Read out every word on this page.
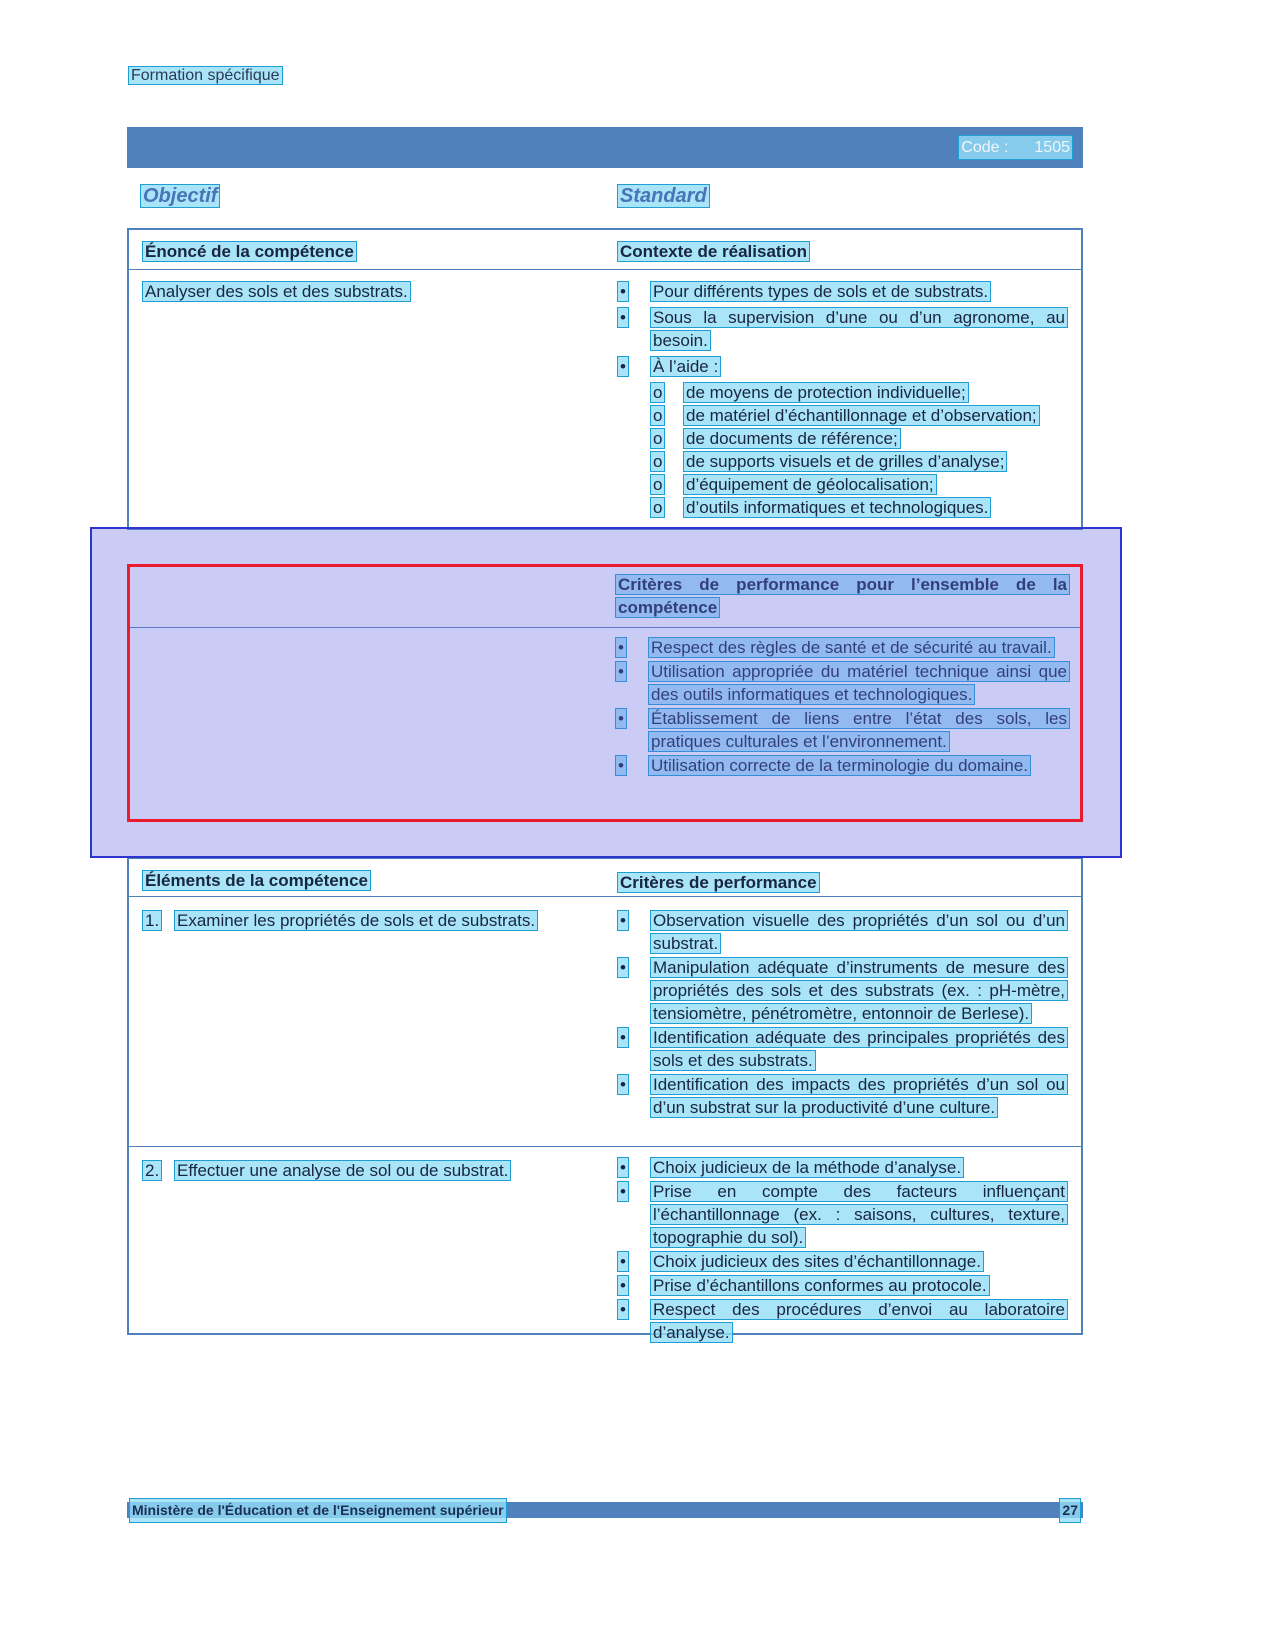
Formation spécifique
Code : 1505
Objectif	Standard
Énoncé de la compétence	Contexte de réalisation
Analyser des sols et des substrats.	•	Pour différents types de sols et de substrats.
•	Sous la supervision d’une ou d’un agronome, au besoin.
•	À l’aide :
o	de moyens de protection individuelle;
o	de matériel d’échantillonnage et d’observation;
o	de documents de référence;
o	de supports visuels et de grilles d’analyse;
o	d’équipement de géolocalisation;
o	d’outils informatiques et technologiques.
Critères de performance pour l’ensemble de la compétence
•	Respect des règles de santé et de sécurité au travail.
•	Utilisation appropriée du matériel technique ainsi que des outils informatiques et technologiques.
•	Établissement de liens entre l’état des sols, les pratiques culturales et l’environnement.
•	Utilisation correcte de la terminologie du domaine.
Éléments de la compétence	Critères de performance
1.	Examiner les propriétés de sols et de substrats.	•	Observation visuelle des propriétés d’un sol ou d’un substrat.
•	Manipulation adéquate d’instruments de mesure des propriétés des sols et des substrats (ex. : pH-mètre, tensiomètre, pénétromètre, entonnoir de Berlese).
•	Identification adéquate des principales propriétés des sols et des substrats.
•	Identification des impacts des propriétés d’un sol ou d’un substrat sur la productivité d’une culture.
2.	Effectuer une analyse de sol ou de substrat.	•	Choix judicieux de la méthode d’analyse.
•	Prise en compte des facteurs influençant l’échantillonnage (ex. : saisons, cultures, texture, topographie du sol).
•	Choix judicieux des sites d’échantillonnage.
•	Prise d’échantillons conformes au protocole.
•	Respect des procédures d’envoi au laboratoire d’analyse.
Ministère de l'Éducation et de l'Enseignement supérieur	27
